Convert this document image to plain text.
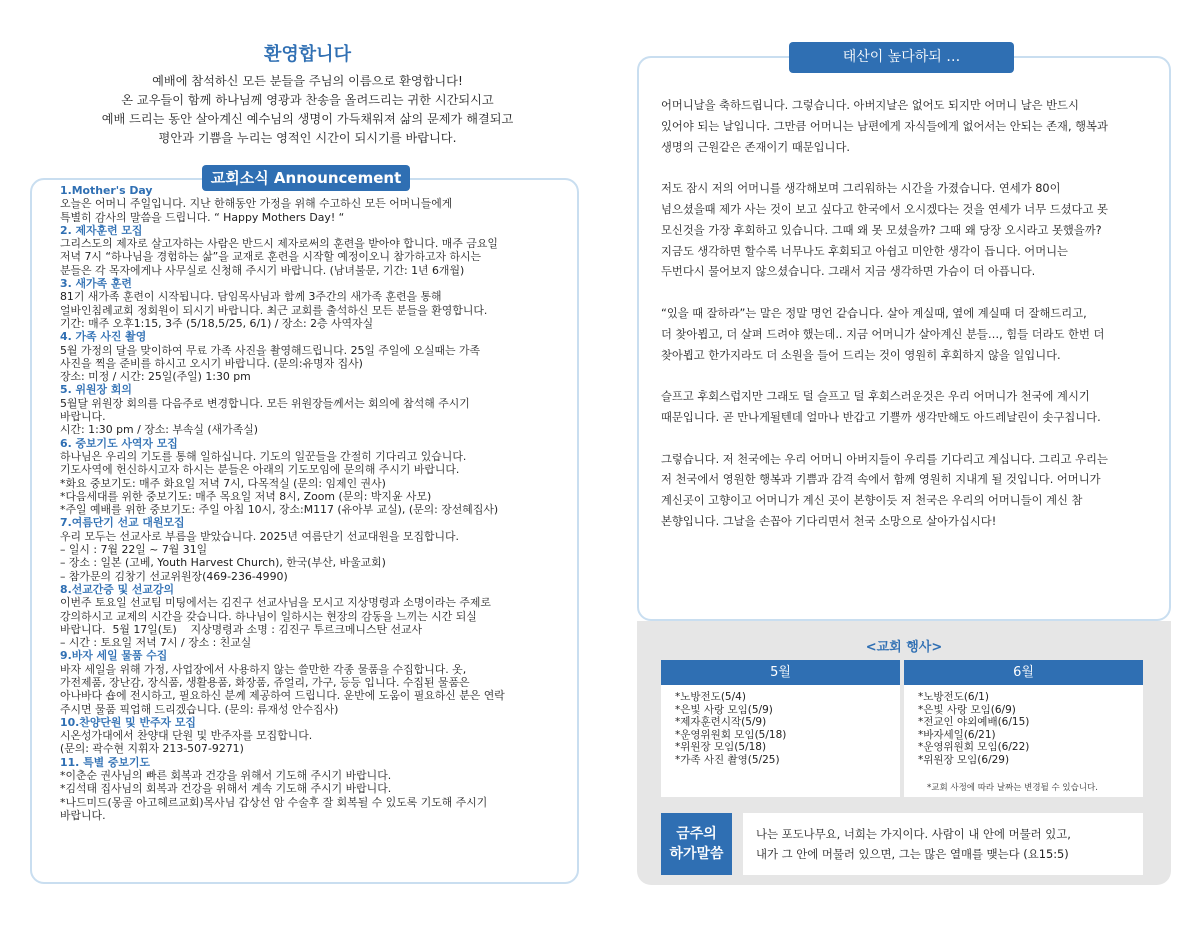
환영합니다

예배에 참석하신 모든 분들을 주님의 이름으로 환영합니다!

온 교우들이 함께 하나님께 영광과 찬송을 올려드리는 귀한 시간되시고

예배 드리는 동안 살아계신 예수님의 생명이 가득채워져 삶의 문제가 해결되고

평안과 기쁨을 누리는 영적인 시간이 되시기를 바랍니다.

교회소식 Announcement
1.Mother's Day
오늘은 어머니 주일입니다. 지난 한해동안 가정을 위해 수고하신 모든 어머니들에게
특별히 감사의 말씀을 드립니다. “ Happy Mothers Day! “
2. 제자훈련 모집
그리스도의 제자로 살고자하는 사람은 반드시 제자로써의 훈련을 받아야 합니다. 매주 금요일
저녁 7시 “하나님을 경험하는 삶”을 교재로 훈련을 시작할 예정이오니 참가하고자 하시는
분들은 각 목자에게나 사무실로 신청해 주시기 바랍니다. (남녀불문, 기간: 1년 6개월)
3. 새가족 훈련
81기 새가족 훈련이 시작됩니다. 담임목사님과 함께 3주간의 새가족 훈련을 통해
얼바인침례교회 정회원이 되시기 바랍니다. 최근 교회를 출석하신 모든 분들을 환영합니다.
기간: 매주 오후1:15, 3주 (5/18,5/25, 6/1) / 장소: 2층 사역자실
4. 가족 사진 촬영
5월 가정의 달을 맞이하여 무료 가족 사진을 촬영해드립니다. 25일 주일에 오실때는 가족
사진을 찍을 준비를 하시고 오시기 바랍니다. (문의:유명자 집사)
장소: 미정 / 시간: 25일(주일) 1:30 pm
5. 위원장 회의
5월달 위원장 회의를 다음주로 변경합니다. 모든 위원장들께서는 회의에 참석해 주시기
바랍니다.
시간: 1:30 pm / 장소: 부속실 (새가족실)
6. 중보기도 사역자 모집
하나님은 우리의 기도를 통해 일하십니다. 기도의 일꾼들을 간절히 기다리고 있습니다.
기도사역에 헌신하시고자 하시는 분들은 아래의 기도모임에 문의해 주시기 바랍니다.
*화요 중보기도: 매주 화요일 저녁 7시, 다목적실 (문의: 임제인 권사)
*다음세대를 위한 중보기도: 매주 목요일 저녁 8시, Zoom (문의: 박지윤 사모)
*주일 예배를 위한 중보기도: 주일 아침 10시, 장소:M117 (유아부 교실), (문의: 장선혜집사)
7.여름단기 선교 대원모집
우리 모두는 선교사로 부름을 받았습니다. 2025년 여름단기 선교대원을 모집합니다.
– 일시 : 7월 22일 ~ 7월 31일
– 장소 : 일본 (고베, Youth Harvest Church), 한국(부산, 바울교회)
– 참가문의 김창기 선교위원장(469-236-4990)
8.선교간증 및 선교강의
이번주 토요일 선교팀 미팅에서는 김진구 선교사님을 모시고 지상명령과 소명이라는 주제로
강의하시고 교제의 시간을 갖습니다. 하나님이 일하시는 현장의 감동을 느끼는 시간 되실
바랍니다.  5월 17일(토)    지상명령과 소명 : 김진구 투르크메니스탄 선교사
– 시간 : 토요일 저녁 7시 / 장소 : 친교실
9.바자 세일 물품 수집
바자 세일을 위해 가정, 사업장에서 사용하지 않는 쓸만한 각종 물품을 수집합니다. 옷,
가전제품, 장난감, 장식품, 생활용품, 화장품, 쥬얼리, 가구, 등등 입니다. 수집된 물품은
아나바다 숍에 전시하고, 필요하신 분께 제공하여 드립니다. 운반에 도움이 필요하신 분은 연락
주시면 물품 픽업해 드리겠습니다. (문의: 류재성 안수집사)
10.찬양단원 및 반주자 모집
시온성가대에서 찬양대 단원 및 반주자를 모집합니다.
(문의: 곽수현 지휘자 213-507-9271)
11. 특별 중보기도
*이춘순 권사님의 빠른 회복과 건강을 위해서 기도해 주시기 바랍니다.
*김석태 집사님의 회복과 건강을 위해서 계속 기도해 주시기 바랍니다.
*나드미드(몽골 아고헤르교회)목사님 갑상선 암 수술후 잘 회복될 수 있도록 기도해 주시기
바랍니다.
태산이 높다하되 …

어머니날을 축하드립니다. 그렇습니다. 아버지날은 없어도 되지만 어머니 날은 반드시
있어야 되는 날입니다. 그만큼 어머니는 남편에게 자식들에게 없어서는 안되는 존재, 행복과
생명의 근원같은 존재이기 때문입니다.

저도 잠시 저의 어머니를 생각해보며 그리워하는 시간을 가졌습니다. 연세가 80이
넘으셨을때 제가 사는 것이 보고 싶다고 한국에서 오시겠다는 것을 연세가 너무 드셨다고 못
모신것을 가장 후회하고 있습니다. 그때 왜 못 모셨을까? 그때 왜 당장 오시라고 못했을까?
지금도 생각하면 할수록 너무나도 후회되고 아쉽고 미안한 생각이 듭니다. 어머니는
두번다시 물어보지 않으셨습니다. 그래서 지금 생각하면 가슴이 더 아픕니다.

“있을 때 잘하라”는 말은 정말 명언 같습니다. 살아 계실때, 옆에 계실때 더 잘해드리고,
더 찾아뵙고, 더 살펴 드려야 했는데.. 지금 어머니가 살아계신 분들…, 힘들 더라도 한번 더
찾아뵙고 한가지라도 더 소원을 들어 드리는 것이 영원히 후회하지 않을 일입니다.

슬프고 후회스럽지만 그래도 덜 슬프고 덜 후회스러운것은 우리 어머니가 천국에 계시기
때문입니다. 곧 만나게될텐데 얼마나 반갑고 기쁠까 생각만해도 아드레날린이 솟구칩니다.

그렇습니다. 저 천국에는 우리 어머니 아버지들이 우리를 기다리고 계십니다. 그리고 우리는
저 천국에서 영원한 행복과 기쁨과 감격 속에서 함께 영원히 지내게 될 것입니다. 어머니가
계신곳이 고향이고 어머니가 계신 곳이 본향이듯 저 천국은 우리의 어머니들이 계신 참
본향입니다. 그날을 손꼽아 기다리면서 천국 소망으로 살아가십시다!

<교회 행사>
5월
*노방전도(5/4)
*은빛 사랑 모임(5/9)
*제자훈련시작(5/9)
*운영위원회 모임(5/18)
*위원장 모임(5/18)
*가족 사진 촬영(5/25)
6월
*노방전도(6/1)
*은빛 사랑 모임(6/9)
*전교인 야외예배(6/15)
*바자세일(6/21)
*운영위원회 모임(6/22)
*위원장 모임(6/29)
*교회 사정에 따라 날짜는 변경될 수 있습니다.
금주의
하가말씀
나는 포도나무요, 너희는 가지이다. 사람이 내 안에 머물러 있고,
내가 그 안에 머물러 있으면, 그는 많은 열매를 맺는다 (요15:5)
